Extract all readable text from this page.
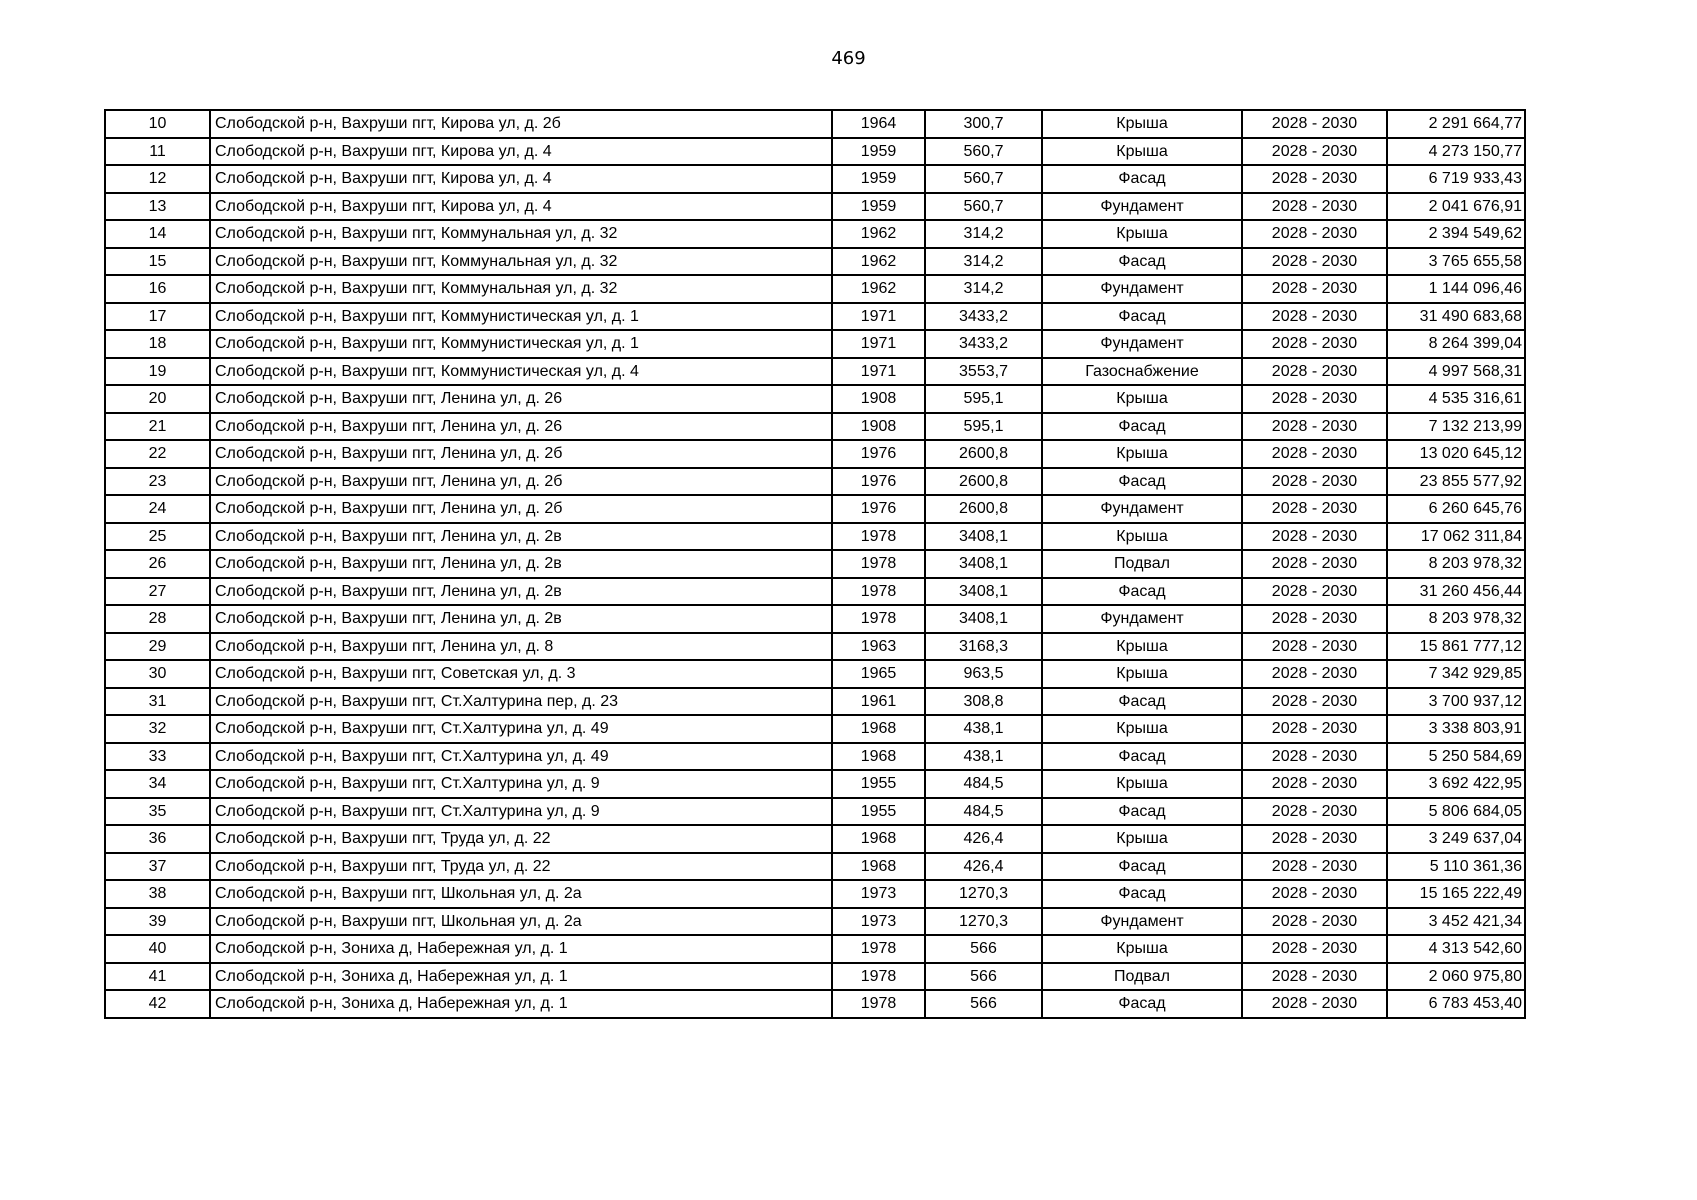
469
10	Слободской р-н, Вахруши пгт, Кирова ул, д. 2б	1964	300,7	Крыша	2028 - 2030	2 291 664,77
11	Слободской р-н, Вахруши пгт, Кирова ул, д. 4	1959	560,7	Крыша	2028 - 2030	4 273 150,77
12	Слободской р-н, Вахруши пгт, Кирова ул, д. 4	1959	560,7	Фасад	2028 - 2030	6 719 933,43
13	Слободской р-н, Вахруши пгт, Кирова ул, д. 4	1959	560,7	Фундамент	2028 - 2030	2 041 676,91
14	Слободской р-н, Вахруши пгт, Коммунальная ул, д. 32	1962	314,2	Крыша	2028 - 2030	2 394 549,62
15	Слободской р-н, Вахруши пгт, Коммунальная ул, д. 32	1962	314,2	Фасад	2028 - 2030	3 765 655,58
16	Слободской р-н, Вахруши пгт, Коммунальная ул, д. 32	1962	314,2	Фундамент	2028 - 2030	1 144 096,46
17	Слободской р-н, Вахруши пгт, Коммунистическая ул, д. 1	1971	3433,2	Фасад	2028 - 2030	31 490 683,68
18	Слободской р-н, Вахруши пгт, Коммунистическая ул, д. 1	1971	3433,2	Фундамент	2028 - 2030	8 264 399,04
19	Слободской р-н, Вахруши пгт, Коммунистическая ул, д. 4	1971	3553,7	Газоснабжение	2028 - 2030	4 997 568,31
20	Слободской р-н, Вахруши пгт, Ленина ул, д. 26	1908	595,1	Крыша	2028 - 2030	4 535 316,61
21	Слободской р-н, Вахруши пгт, Ленина ул, д. 26	1908	595,1	Фасад	2028 - 2030	7 132 213,99
22	Слободской р-н, Вахруши пгт, Ленина ул, д. 2б	1976	2600,8	Крыша	2028 - 2030	13 020 645,12
23	Слободской р-н, Вахруши пгт, Ленина ул, д. 2б	1976	2600,8	Фасад	2028 - 2030	23 855 577,92
24	Слободской р-н, Вахруши пгт, Ленина ул, д. 2б	1976	2600,8	Фундамент	2028 - 2030	6 260 645,76
25	Слободской р-н, Вахруши пгт, Ленина ул, д. 2в	1978	3408,1	Крыша	2028 - 2030	17 062 311,84
26	Слободской р-н, Вахруши пгт, Ленина ул, д. 2в	1978	3408,1	Подвал	2028 - 2030	8 203 978,32
27	Слободской р-н, Вахруши пгт, Ленина ул, д. 2в	1978	3408,1	Фасад	2028 - 2030	31 260 456,44
28	Слободской р-н, Вахруши пгт, Ленина ул, д. 2в	1978	3408,1	Фундамент	2028 - 2030	8 203 978,32
29	Слободской р-н, Вахруши пгт, Ленина ул, д. 8	1963	3168,3	Крыша	2028 - 2030	15 861 777,12
30	Слободской р-н, Вахруши пгт, Советская ул, д. 3	1965	963,5	Крыша	2028 - 2030	7 342 929,85
31	Слободской р-н, Вахруши пгт, Ст.Халтурина пер, д. 23	1961	308,8	Фасад	2028 - 2030	3 700 937,12
32	Слободской р-н, Вахруши пгт, Ст.Халтурина ул, д. 49	1968	438,1	Крыша	2028 - 2030	3 338 803,91
33	Слободской р-н, Вахруши пгт, Ст.Халтурина ул, д. 49	1968	438,1	Фасад	2028 - 2030	5 250 584,69
34	Слободской р-н, Вахруши пгт, Ст.Халтурина ул, д. 9	1955	484,5	Крыша	2028 - 2030	3 692 422,95
35	Слободской р-н, Вахруши пгт, Ст.Халтурина ул, д. 9	1955	484,5	Фасад	2028 - 2030	5 806 684,05
36	Слободской р-н, Вахруши пгт, Труда ул, д. 22	1968	426,4	Крыша	2028 - 2030	3 249 637,04
37	Слободской р-н, Вахруши пгт, Труда ул, д. 22	1968	426,4	Фасад	2028 - 2030	5 110 361,36
38	Слободской р-н, Вахруши пгт, Школьная ул, д. 2а	1973	1270,3	Фасад	2028 - 2030	15 165 222,49
39	Слободской р-н, Вахруши пгт, Школьная ул, д. 2а	1973	1270,3	Фундамент	2028 - 2030	3 452 421,34
40	Слободской р-н, Зониха д, Набережная ул, д. 1	1978	566	Крыша	2028 - 2030	4 313 542,60
41	Слободской р-н, Зониха д, Набережная ул, д. 1	1978	566	Подвал	2028 - 2030	2 060 975,80
42	Слободской р-н, Зониха д, Набережная ул, д. 1	1978	566	Фасад	2028 - 2030	6 783 453,40
